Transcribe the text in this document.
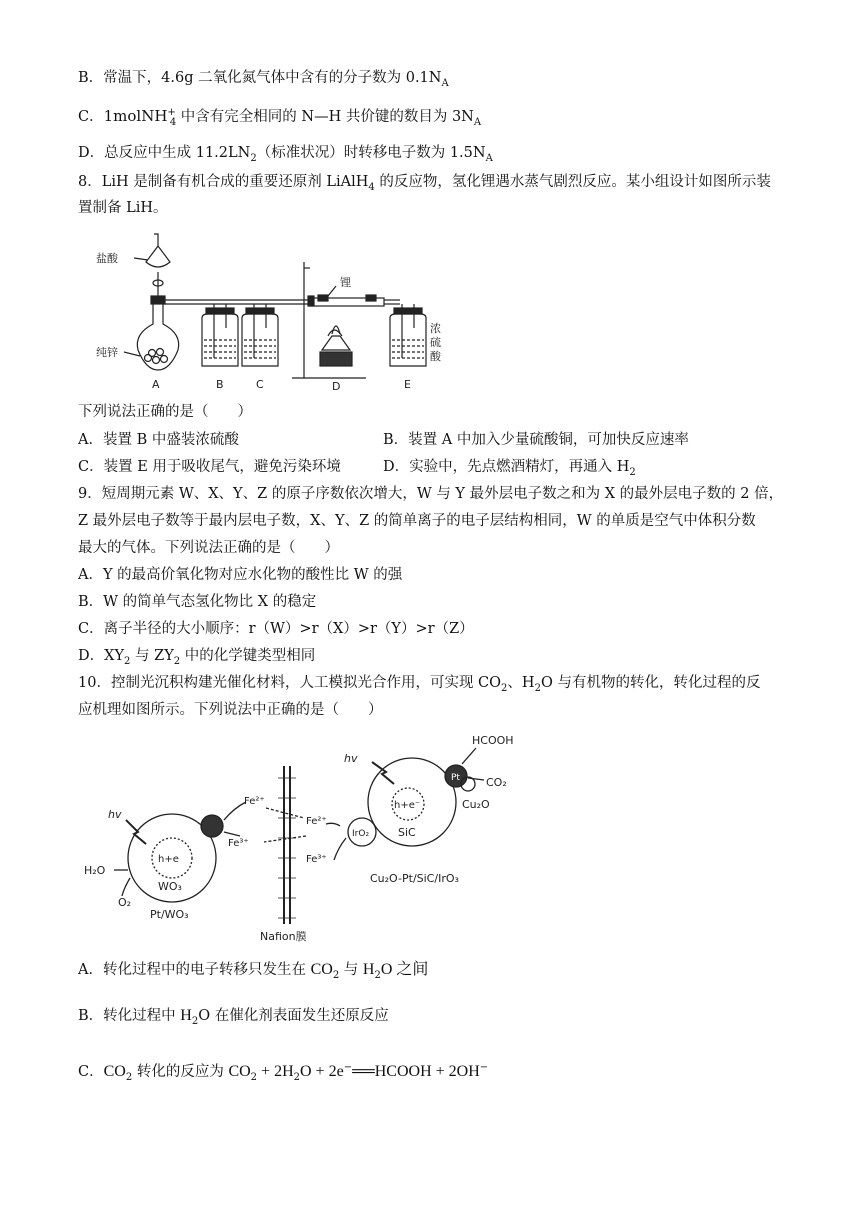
B．常温下，4.6g 二氧化氮气体中含有的分子数为 $0.1N_A$
C．1molNH+$_4$ 中含有完全相同的 N—H 共价键的数目为 $3N_A$
D．总反应中生成 $11.2LN_2$（标准状况）时转移电子数为 $1.5N_A$
8．LiH 是制备有机合成的重要还原剂 LiAlH$_4$ 的反应物，氢化锂遇水蒸气剧烈反应。某小组设计如图所示装
置制备 LiH。
盐酸
纯锌
锂
浓
硫
酸
A	B	C	D	E
下列说法正确的是（　　）
A．装置 B 中盛装浓硫酸	B．装置 A 中加入少量硫酸铜，可加快反应速率
C．装置 E 用于吸收尾气，避免污染环境	D．实验中，先点燃酒精灯，再通入 $H_2$
9．短周期元素 W、X、Y、Z 的原子序数依次增大，W 与 Y 最外层电子数之和为 X 的最外层电子数的 2 倍，
Z 最外层电子数等于最内层电子数，X、Y、Z 的简单离子的电子层结构相同，W 的单质是空气中体积分数
最大的气体。下列说法正确的是（　　）
A．Y 的最高价氧化物对应水化物的酸性比 W 的强
B．W 的简单气态氢化物比 X 的稳定
C．离子半径的大小顺序：r（W）>r（X）>r（Y）>r（Z）
D．$XY_2$ 与 $ZY_2$ 中的化学键类型相同
10．控制光沉积构建光催化材料，人工模拟光合作用，可实现 $CO_2$、$H_2O$ 与有机物的转化，转化过程的反
应机理如图所示。下列说法中正确的是（　　）
HCOOH
CO₂
Cu₂O
Pt
SiC
h+e⁻
IrO₂
Cu₂O-Pt/SiC/IrO₃
hv
hv
Fe²⁺
Fe³⁺
Fe²⁺
Fe³⁺
H₂O
O₂
h+e
WO₃
Pt/WO₃
Nafion膜
A．转化过程中的电子转移只发生在 $CO_2$ 与 $H_2O$ 之间
B．转化过程中 $H_2O$ 在催化剂表面发生还原反应
C．$CO_2$ 转化的反应为 $CO_2 + 2H_2O$ + 2e−══HCOOH + 2OH−
